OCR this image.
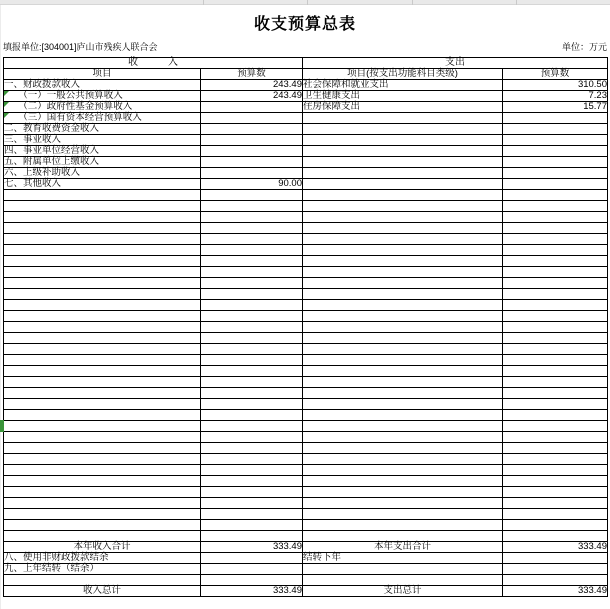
收支预算总表
填报单位:[304001]庐山市残疾人联合会	单位：万元
收　　　入		支出	
项目	预算数	项目(按支出功能科目类级)	预算数
一、财政拨款收入	243.49	社会保障和就业支出	310.50
　　（一）一般公共预算收入	243.49	卫生健康支出	7.23
　　（二）政府性基金预算收入		住房保障支出	15.77
　　（三）国有资本经营预算收入

二、教育收费资金收入			
三、事业收入			
四、事业单位经营收入			
五、附属单位上缴收入			
六、上级补助收入			
七、其他收入	90.00		

本年收入合计	333.49	本年支出合计	333.49
八、使用非财政拨款结余		结转下年	
九、上年结转（结余）			

收入总计	333.49	支出总计	333.49
